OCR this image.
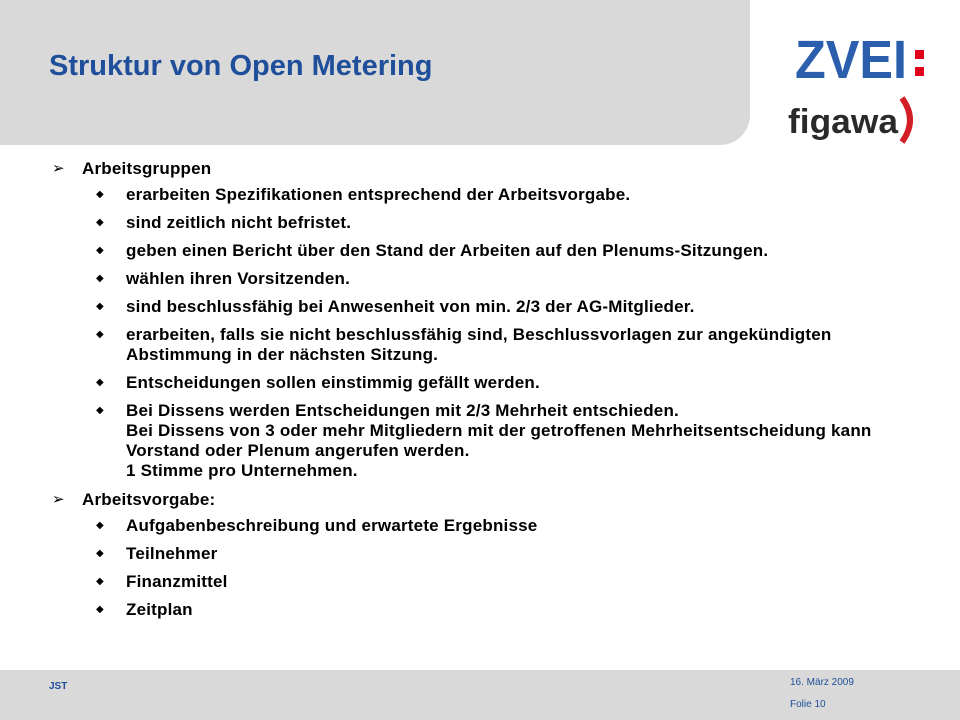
Struktur von Open Metering	ZVEI
figawa
➢	Arbeitsgruppen
◆	erarbeiten Spezifikationen entsprechend der Arbeitsvorgabe.
◆	sind zeitlich nicht befristet.
◆	geben einen Bericht über den Stand der Arbeiten auf den Plenums-Sitzungen.
◆	wählen ihren Vorsitzenden.
◆	sind beschlussfähig bei Anwesenheit von min. 2/3 der AG-Mitglieder.
◆	erarbeiten, falls sie nicht beschlussfähig sind, Beschlussvorlagen zur angekündigten Abstimmung in der nächsten Sitzung.
◆	Entscheidungen sollen einstimmig gefällt werden.
◆	Bei Dissens werden Entscheidungen mit 2/3 Mehrheit entschieden.
Bei Dissens von 3 oder mehr Mitgliedern mit der getroffenen Mehrheitsentscheidung kann Vorstand oder Plenum angerufen werden.
1 Stimme pro Unternehmen.
➢	Arbeitsvorgabe:
◆	Aufgabenbeschreibung und erwartete Ergebnisse
◆	Teilnehmer
◆	Finanzmittel
◆	Zeitplan
JST	16. März 2009
Folie 10
